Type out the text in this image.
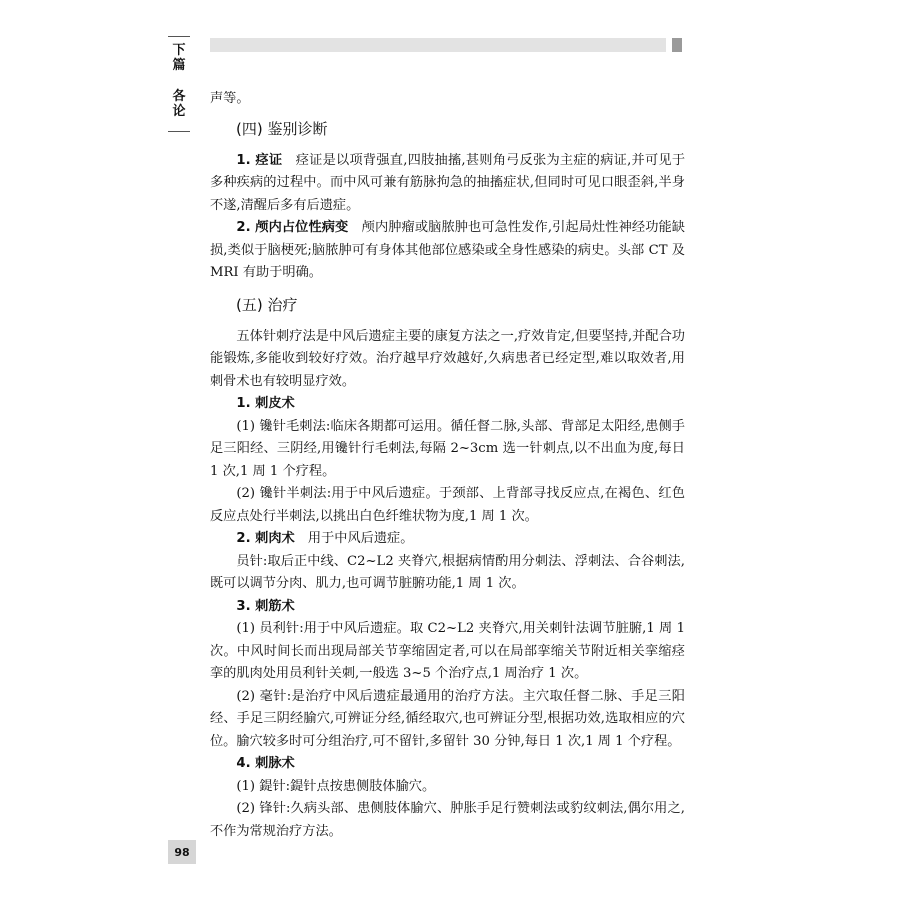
下
篇
各
论

声等。

(四) 鉴别诊断

1. 痉证　痉证是以项背强直,四肢抽搐,甚则角弓反张为主症的病证,并可见于多种疾病的过程中。而中风可兼有筋脉拘急的抽搐症状,但同时可见口眼歪斜,半身不遂,清醒后多有后遗症。

2. 颅内占位性病变　颅内肿瘤或脑脓肿也可急性发作,引起局灶性神经功能缺损,类似于脑梗死;脑脓肿可有身体其他部位感染或全身性感染的病史。头部 CT 及 MRI 有助于明确。

(五) 治疗

五体针刺疗法是中风后遗症主要的康复方法之一,疗效肯定,但要坚持,并配合功能锻炼,多能收到较好疗效。治疗越早疗效越好,久病患者已经定型,难以取效者,用刺骨术也有较明显疗效。

1. 刺皮术

(1) 镵针毛刺法:临床各期都可运用。循任督二脉,头部、背部足太阳经,患侧手足三阳经、三阴经,用镵针行毛刺法,每隔 2~3cm 选一针刺点,以不出血为度,每日 1 次,1 周 1 个疗程。

(2) 镵针半刺法:用于中风后遗症。于颈部、上背部寻找反应点,在褐色、红色反应点处行半刺法,以挑出白色纤维状物为度,1 周 1 次。

2. 刺肉术　用于中风后遗症。

员针:取后正中线、C2~L2 夹脊穴,根据病情酌用分刺法、浮刺法、合谷刺法,既可以调节分肉、肌力,也可调节脏腑功能,1 周 1 次。

3. 刺筋术

(1) 员利针:用于中风后遗症。取 C2~L2 夹脊穴,用关刺针法调节脏腑,1 周 1 次。中风时间长而出现局部关节挛缩固定者,可以在局部挛缩关节附近相关挛缩痉挛的肌肉处用员利针关刺,一般选 3~5 个治疗点,1 周治疗 1 次。

(2) 毫针:是治疗中风后遗症最通用的治疗方法。主穴取任督二脉、手足三阳经、手足三阴经腧穴,可辨证分经,循经取穴,也可辨证分型,根据功效,选取相应的穴位。腧穴较多时可分组治疗,可不留针,多留针 30 分钟,每日 1 次,1 周 1 个疗程。

4. 刺脉术

(1) 鍉针:鍉针点按患侧肢体腧穴。

(2) 锋针:久病头部、患侧肢体腧穴、肿胀手足行赞刺法或豹纹刺法,偶尔用之,不作为常规治疗方法。

98
